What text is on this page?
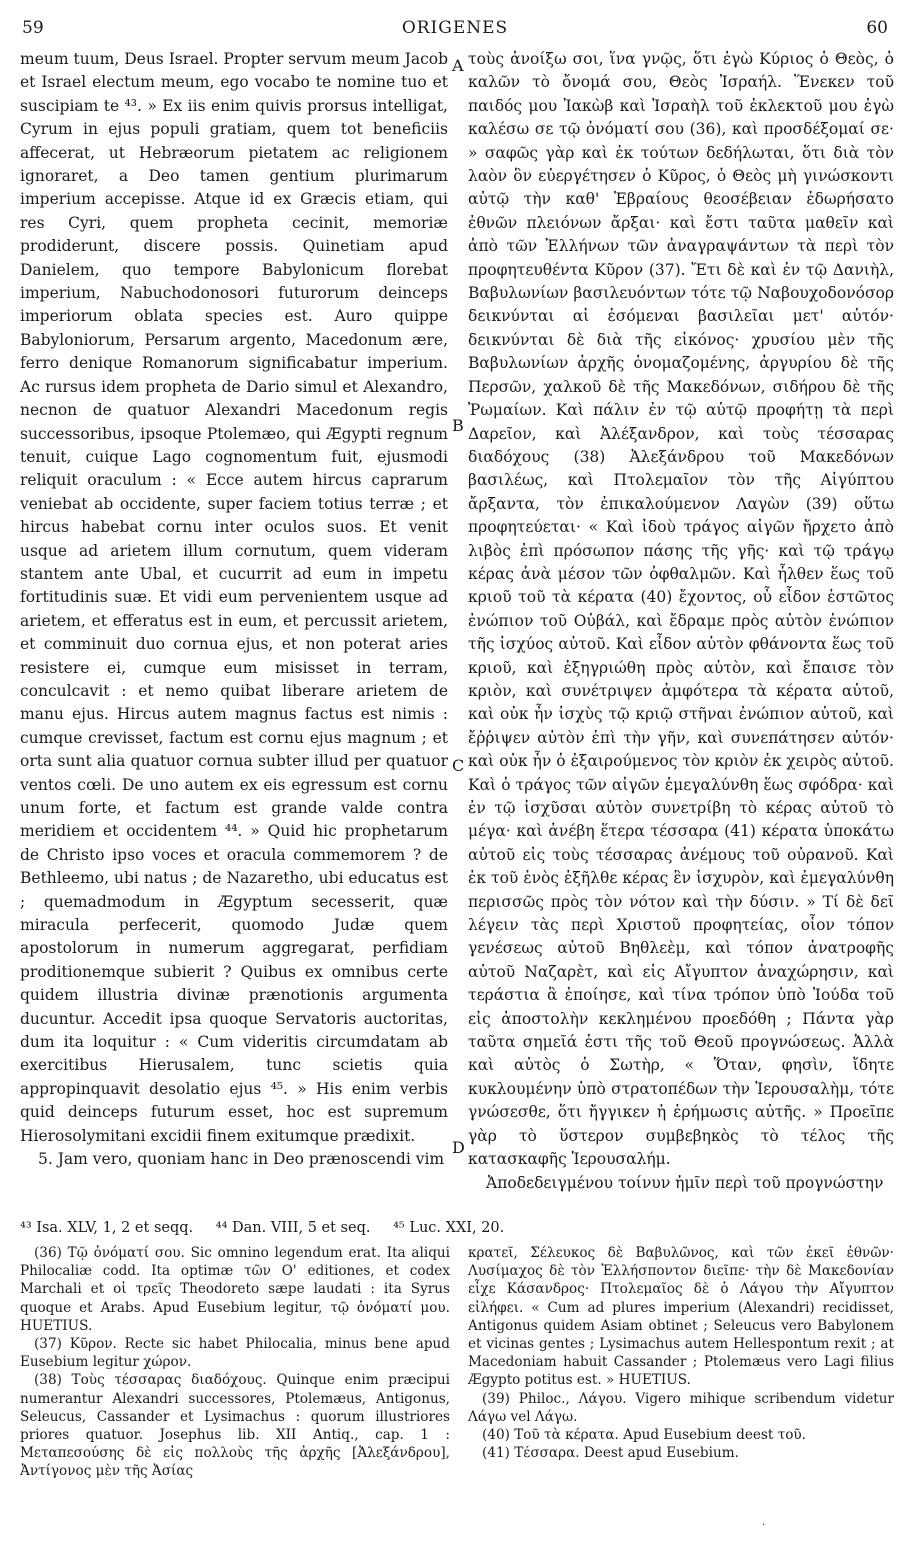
59	ORIGENES	60
A
B
C
D

meum tuum, Deus Israel. Propter servum meum Jacob et Israel electum meum, ego vocabo te nomine tuo et suscipiam te ⁴³. » Ex iis enim quivis prorsus intelligat, Cyrum in ejus populi gratiam, quem tot beneficiis affecerat, ut Hebræorum pietatem ac religionem ignoraret, a Deo tamen gentium plurimarum imperium accepisse. Atque id ex Græcis etiam, qui res Cyri, quem propheta cecinit, memoriæ prodiderunt, discere possis. Quinetiam apud Danielem, quo tempore Babylonicum florebat imperium, Nabuchodonosori futurorum deinceps imperiorum oblata species est. Auro quippe Babyloniorum, Persarum argento, Macedonum ære, ferro denique Romanorum significabatur imperium. Ac rursus idem propheta de Dario simul et Alexandro, necnon de quatuor Alexandri Macedonum regis successoribus, ipsoque Ptolemæo, qui Ægypti regnum tenuit, cuique Lago cognomentum fuit, ejusmodi reliquit oraculum : « Ecce autem hircus caprarum veniebat ab occidente, super faciem totius terræ ; et hircus habebat cornu inter oculos suos. Et venit usque ad arietem illum cornutum, quem videram stantem ante Ubal, et cucurrit ad eum in impetu fortitudinis suæ. Et vidi eum pervenientem usque ad arietem, et efferatus est in eum, et percussit arietem, et comminuit duo cornua ejus, et non poterat aries resistere ei, cumque eum misisset in terram, conculcavit : et nemo quibat liberare arietem de manu ejus. Hircus autem magnus factus est nimis : cumque crevisset, factum est cornu ejus magnum ; et orta sunt alia quatuor cornua subter illud per quatuor ventos cœli. De uno autem ex eis egressum est cornu unum forte, et factum est grande valde contra meridiem et occidentem ⁴⁴. » Quid hic prophetarum de Christo ipso voces et oracula commemorem ? de Bethleemo, ubi natus ; de Nazaretho, ubi educatus est ; quemadmodum in Ægyptum secesserit, quæ miracula perfecerit, quomodo Judæ quem apostolorum in numerum aggregarat, perfidiam proditionemque subierit ? Quibus ex omnibus certe quidem illustria divinæ prænotionis argumenta ducuntur. Accedit ipsa quoque Servatoris auctoritas, dum ita loquitur : « Cum videritis circumdatam ab exercitibus Hierusalem, tunc scietis quia appropinquavit desolatio ejus ⁴⁵. » His enim verbis quid deinceps futurum esset, hoc est supremum Hierosolymitani excidii finem exitumque prædixit.

5. Jam vero, quoniam hanc in Deo prænoscendi vim

τοὺς ἀνοίξω σοι, ἵνα γνῷς, ὅτι ἐγὼ Κύριος ὁ Θεὸς, ὁ καλῶν τὸ ὄνομά σου, Θεὸς Ἰσραήλ. Ἕνεκεν τοῦ παιδός μου Ἰακὼβ καὶ Ἰσραὴλ τοῦ ἐκλεκτοῦ μου ἐγὼ καλέσω σε τῷ ὀνόματί σου (36), καὶ προσδέξομαί σε· » σαφῶς γὰρ καὶ ἐκ τούτων δεδήλωται, ὅτι διὰ τὸν λαὸν ὃν εὐεργέτησεν ὁ Κῦρος, ὁ Θεὸς μὴ γινώσκοντι αὐτῷ τὴν καθ' Ἑβραίους θεοσέβειαν ἐδωρήσατο ἐθνῶν πλειόνων ἄρξαι· καὶ ἔστι ταῦτα μαθεῖν καὶ ἀπὸ τῶν Ἑλλήνων τῶν ἀναγραψάντων τὰ περὶ τὸν προφητευθέντα Κῦρον (37). Ἔτι δὲ καὶ ἐν τῷ Δανιὴλ, Βαβυλωνίων βασιλευόντων τότε τῷ Ναβουχοδονόσορ δεικνύνται αἱ ἐσόμεναι βασιλεῖαι μετ' αὐτόν· δεικνύνται δὲ διὰ τῆς εἰκόνος· χρυσίου μὲν τῆς Βαβυλωνίων ἀρχῆς ὀνομαζομένης, ἀργυρίου δὲ τῆς Περσῶν, χαλκοῦ δὲ τῆς Μακεδόνων, σιδήρου δὲ τῆς Ῥωμαίων. Καὶ πάλιν ἐν τῷ αὐτῷ προφήτῃ τὰ περὶ Δαρεῖον, καὶ Ἀλέξανδρον, καὶ τοὺς τέσσαρας διαδόχους (38) Ἀλεξάνδρου τοῦ Μακεδόνων βασιλέως, καὶ Πτολεμαῖον τὸν τῆς Αἰγύπτου ἄρξαντα, τὸν ἐπικαλούμενον Λαγὼν (39) οὕτω προφητεύεται· « Καὶ ἰδοὺ τράγος αἰγῶν ἤρχετο ἀπὸ λιβὸς ἐπὶ πρόσωπον πάσης τῆς γῆς· καὶ τῷ τράγῳ κέρας ἀνὰ μέσον τῶν ὀφθαλμῶν. Καὶ ἦλθεν ἕως τοῦ κριοῦ τοῦ τὰ κέρατα (40) ἔχοντος, οὗ εἶδον ἑστῶτος ἐνώπιον τοῦ Οὐβάλ, καὶ ἔδραμε πρὸς αὐτὸν ἐνώπιον τῆς ἰσχύος αὐτοῦ. Καὶ εἶδον αὐτὸν φθάνοντα ἕως τοῦ κριοῦ, καὶ ἐξηγριώθη πρὸς αὐτὸν, καὶ ἔπαισε τὸν κριὸν, καὶ συνέτριψεν ἀμφότερα τὰ κέρατα αὐτοῦ, καὶ οὐκ ἦν ἰσχὺς τῷ κριῷ στῆναι ἐνώπιον αὐτοῦ, καὶ ἔῤῥιψεν αὐτὸν ἐπὶ τὴν γῆν, καὶ συνεπάτησεν αὐτόν· καὶ οὐκ ἦν ὁ ἐξαιρούμενος τὸν κριὸν ἐκ χειρὸς αὐτοῦ. Καὶ ὁ τράγος τῶν αἰγῶν ἐμεγαλύνθη ἕως σφόδρα· καὶ ἐν τῷ ἰσχῦσαι αὐτὸν συνετρίβη τὸ κέρας αὐτοῦ τὸ μέγα· καὶ ἀνέβη ἕτερα τέσσαρα (41) κέρατα ὑποκάτω αὐτοῦ εἰς τοὺς τέσσαρας ἀνέμους τοῦ οὐρανοῦ. Καὶ ἐκ τοῦ ἑνὸς ἐξῆλθε κέρας ἓν ἰσχυρὸν, καὶ ἐμεγαλύνθη περισσῶς πρὸς τὸν νότον καὶ τὴν δύσιν. » Τί δὲ δεῖ λέγειν τὰς περὶ Χριστοῦ προφητείας, οἷον τόπον γενέσεως αὐτοῦ Βηθλεὲμ, καὶ τόπον ἀνατροφῆς αὐτοῦ Ναζαρὲτ, καὶ εἰς Αἴγυπτον ἀναχώρησιν, καὶ τεράστια ἃ ἐποίησε, καὶ τίνα τρόπον ὑπὸ Ἰούδα τοῦ εἰς ἀποστολὴν κεκλημένου προεδόθη ; Πάντα γὰρ ταῦτα σημεῖά ἐστι τῆς τοῦ Θεοῦ προγνώσεως. Ἀλλὰ καὶ αὐτὸς ὁ Σωτὴρ, « Ὅταν, φησὶν, ἴδητε κυκλουμένην ὑπὸ στρατοπέδων τὴν Ἱερουσαλὴμ, τότε γνώσεσθε, ὅτι ἤγγικεν ἡ ἐρήμωσις αὐτῆς. » Προεῖπε γὰρ τὸ ὕστερον συμβεβηκὸς τὸ τέλος τῆς κατασκαφῆς Ἱερουσαλήμ.

Ἀποδεδειγμένου τοίνυν ἡμῖν περὶ τοῦ προγνώστην

⁴³ Isa. XLV, 1, 2 et seqq. ⁴⁴ Dan. VIII, 5 et seq. ⁴⁵ Luc. XXI, 20.

(36) Τῷ ὀνόματί σου. Sic omnino legendum erat. Ita aliqui Philocaliæ codd. Ita optimæ τῶν Ο' editiones, et codex Marchali et οἱ τρεῖς Theodoreto sæpe laudati : ita Syrus quoque et Arabs. Apud Eusebium legitur, τῷ ὀνόματί μου. HUETIUS.

(37) Κῦρον. Recte sic habet Philocalia, minus bene apud Eusebium legitur χώρον.

(38) Τοὺς τέσσαρας διαδόχους. Quinque enim præcipui numerantur Alexandri successores, Ptolemæus, Antigonus, Seleucus, Cassander et Lysimachus : quorum illustriores priores quatuor. Josephus lib. XII Antiq., cap. 1 : Μεταπεσούσης δὲ εἰς πολλοὺς τῆς ἀρχῆς [Ἀλεξάνδρου], Ἀντίγονος μὲν τῆς Ἀσίας

κρατεῖ, Σέλευκος δὲ Βαβυλῶνος, καὶ τῶν ἐκεῖ ἐθνῶν· Λυσίμαχος δὲ τὸν Ἑλλήσποντον διεῖπε· τὴν δὲ Μακεδονίαν εἶχε Κάσανδρος· Πτολεμαῖος δὲ ὁ Λάγου τὴν Αἴγυπτον εἰλήφει. « Cum ad plures imperium (Alexandri) recidisset, Antigonus quidem Asiam obtinet ; Seleucus vero Babylonem et vicinas gentes ; Lysimachus autem Hellespontum rexit ; at Macedoniam habuit Cassander ; Ptolemæus vero Lagi filius Ægypto potitus est. » HUETIUS.

(39) Philoc., Λάγου. Vigero mihique scribendum videtur Λάγω vel Λάγω.

(40) Τοῦ τὰ κέρατα. Apud Eusebium deest τοῦ.

(41) Τέσσαρα. Deest apud Eusebium.

·
